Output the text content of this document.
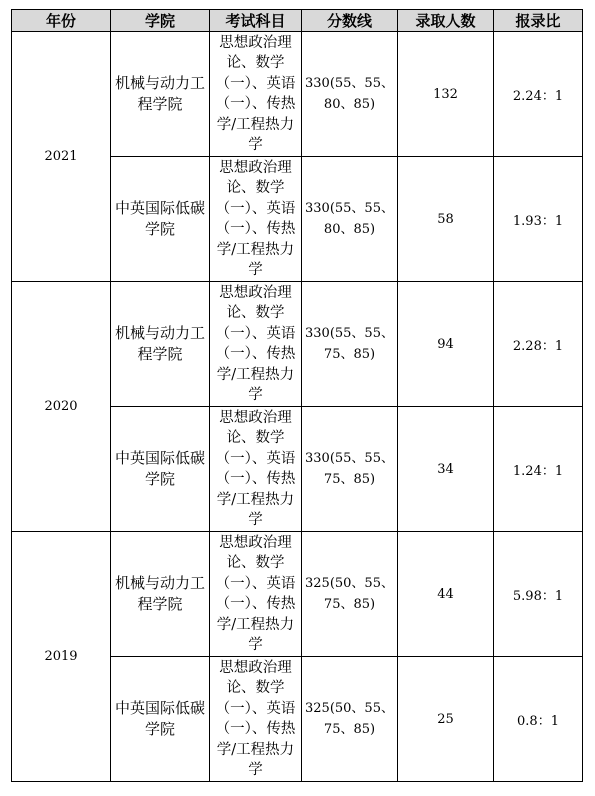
年份	学院	考试科目	分数线	录取人数	报录比
2021	机械与动力工程学院	思想政治理论、数学（一）、英语（一）、传热学/工程热力学	330(55、55、80、85)	132	2.24：1
	中英国际低碳学院	思想政治理论、数学（一）、英语（一）、传热学/工程热力学	330(55、55、80、85)	58	1.93：1
2020	机械与动力工程学院	思想政治理论、数学（一）、英语（一）、传热学/工程热力学	330(55、55、75、85)	94	2.28：1
	中英国际低碳学院	思想政治理论、数学（一）、英语（一）、传热学/工程热力学	330(55、55、75、85)	34	1.24：1
2019	机械与动力工程学院	思想政治理论、数学（一）、英语（一）、传热学/工程热力学	325(50、55、75、85)	44	5.98：1
	中英国际低碳学院	思想政治理论、数学（一）、英语（一）、传热学/工程热力学	325(50、55、75、85)	25	0.8：1
